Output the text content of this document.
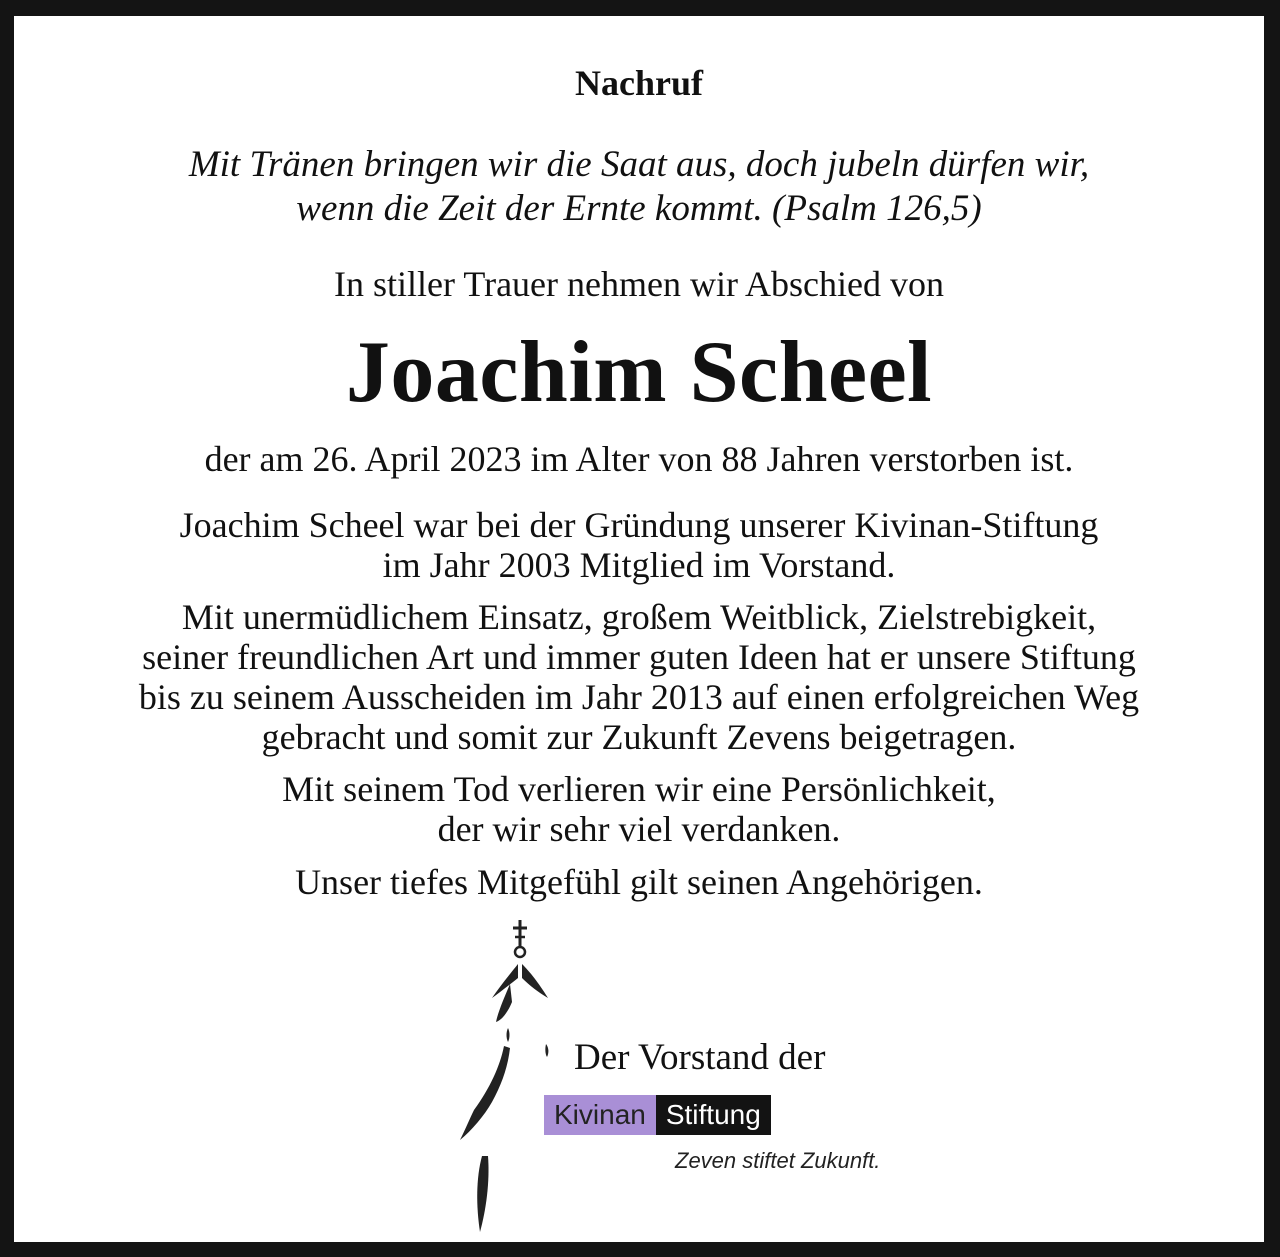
Nachruf
Mit Tränen bringen wir die Saat aus, doch jubeln dürfen wir,
wenn die Zeit der Ernte kommt. (Psalm 126,5)
In stiller Trauer nehmen wir Abschied von
Joachim Scheel
der am 26. April 2023 im Alter von 88 Jahren verstorben ist.
Joachim Scheel war bei der Gründung unserer Kivinan-Stiftung
im Jahr 2003 Mitglied im Vorstand.
Mit unermüdlichem Einsatz, großem Weitblick, Zielstrebigkeit,
seiner freundlichen Art und immer guten Ideen hat er unsere Stiftung
bis zu seinem Ausscheiden im Jahr 2013 auf einen erfolgreichen Weg
gebracht und somit zur Zukunft Zevens beigetragen.
Mit seinem Tod verlieren wir eine Persönlichkeit,
der wir sehr viel verdanken.
Unser tiefes Mitgefühl gilt seinen Angehörigen.
Der Vorstand der
Kivinan Stiftung
Zeven stiftet Zukunft.
